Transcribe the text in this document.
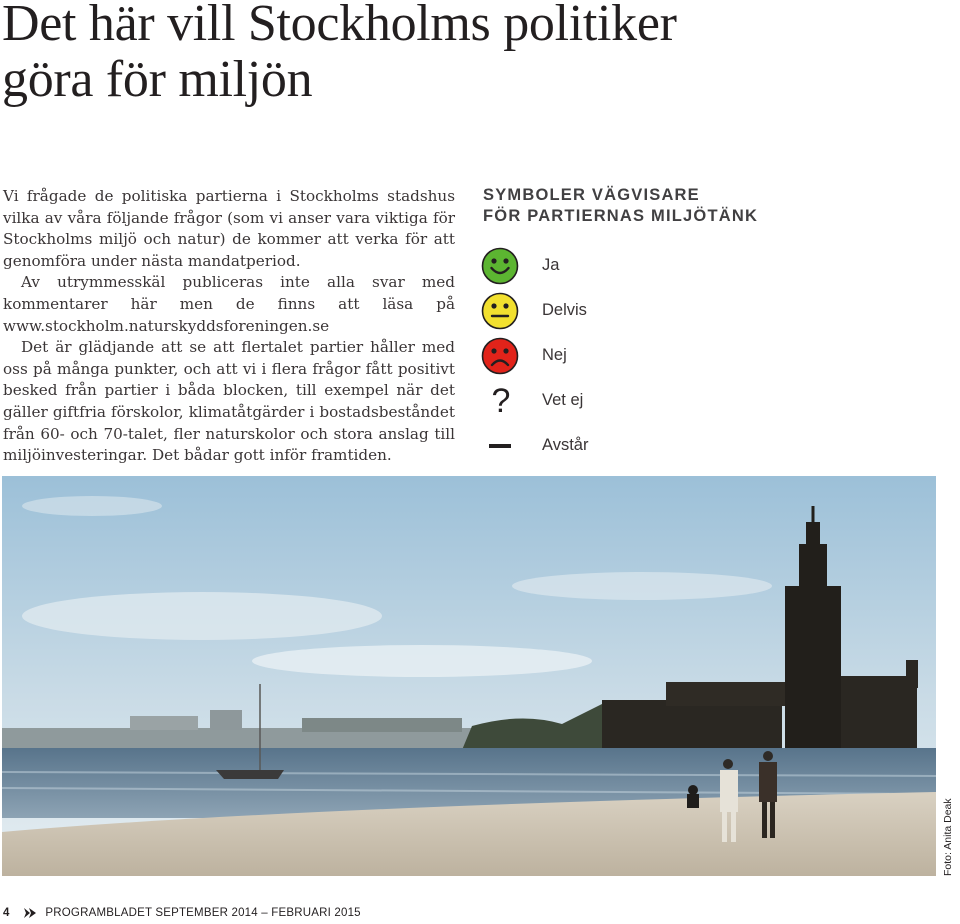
Det här vill Stockholms politiker
göra för miljön

Vi frågade de politiska partierna i Stockholms stadshus vilka av våra följande frågor (som vi anser vara viktiga för Stockholms miljö och natur) de kommer att verka för att genomföra under nästa mandatperiod.

Av utrymmesskäl publiceras inte alla svar med kommentarer här men de finns att läsa på www.stockholm.naturskyddsforeningen.se

Det är glädjande att se att flertalet partier håller med oss på många punkter, och att vi i flera frågor fått positivt besked från partier i båda blocken, till exempel när det gäller giftfria förskolor, klimatåtgärder i bostadsbeståndet från 60- och 70-talet, fler naturskolor och stora anslag till miljöinvesteringar. Det bådar gott inför framtiden.

SYMBOLER VÄGVISARE
FÖR PARTIERNAS MILJÖTÄNK
Ja
Delvis
Nej
?	Vet ej
Avstår
Foto: Anita Deak
4	PROGRAMBLADET SEPTEMBER 2014 – FEBRUARI 2015
